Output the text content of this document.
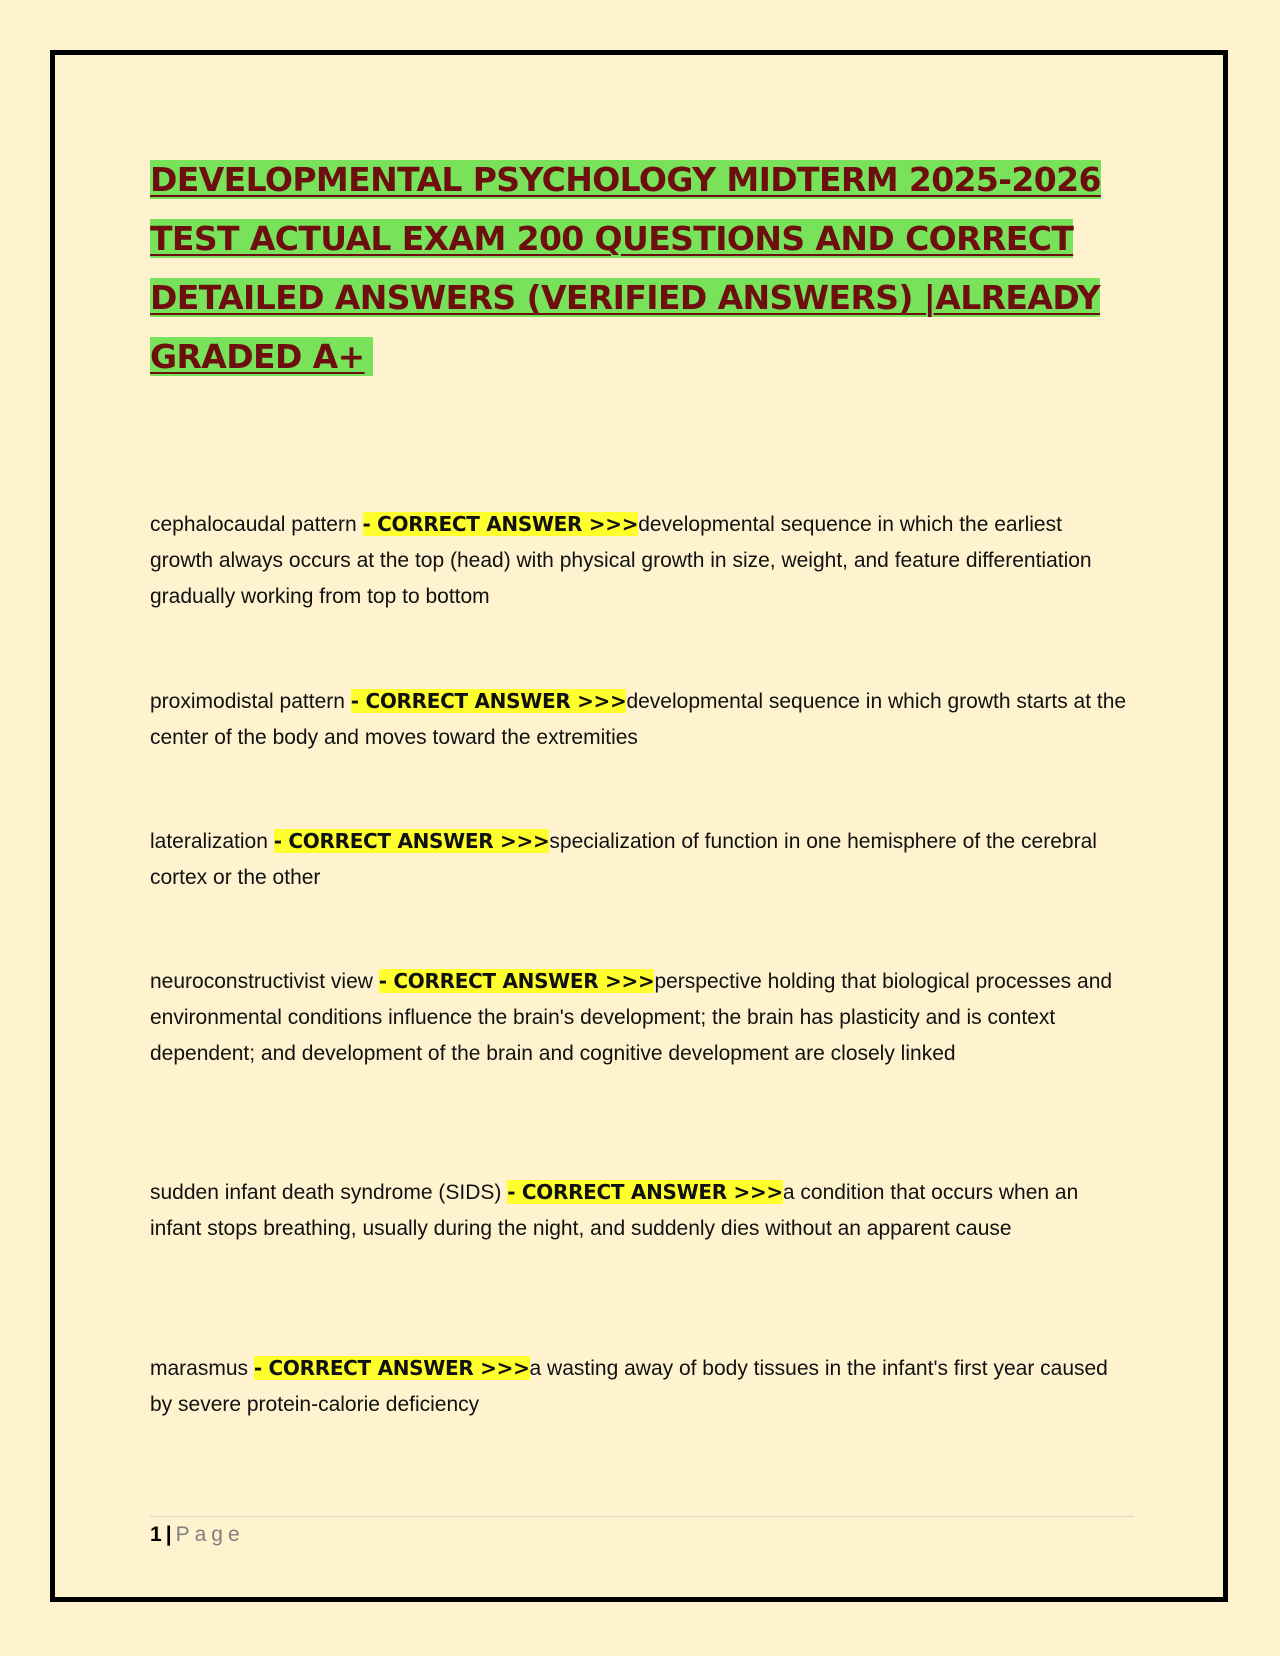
DEVELOPMENTAL PSYCHOLOGY MIDTERM 2025-2026 TEST ACTUAL EXAM 200 QUESTIONS AND CORRECT DETAILED ANSWERS (VERIFIED ANSWERS) |ALREADY GRADED A+

cephalocaudal pattern - CORRECT ANSWER >>>developmental sequence in which the earliest growth always occurs at the top (head) with physical growth in size, weight, and feature differentiation gradually working from top to bottom

proximodistal pattern - CORRECT ANSWER >>>developmental sequence in which growth starts at the center of the body and moves toward the extremities

lateralization - CORRECT ANSWER >>>specialization of function in one hemisphere of the cerebral cortex or the other

neuroconstructivist view - CORRECT ANSWER >>>perspective holding that biological processes and environmental conditions influence the brain's development; the brain has plasticity and is context dependent; and development of the brain and cognitive development are closely linked

sudden infant death syndrome (SIDS) - CORRECT ANSWER >>>a condition that occurs when an infant stops breathing, usually during the night, and suddenly dies without an apparent cause

marasmus - CORRECT ANSWER >>>a wasting away of body tissues in the infant's first year caused by severe protein-calorie deficiency

1 | Page
